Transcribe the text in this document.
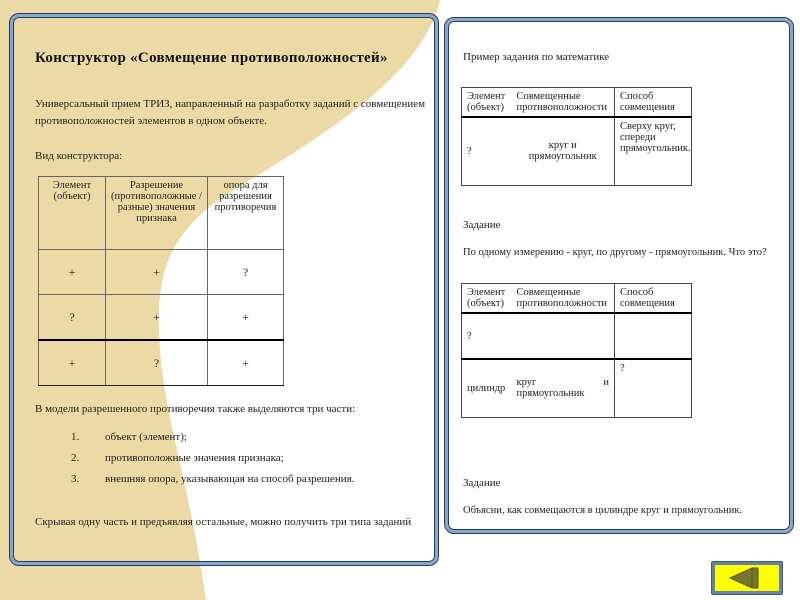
Конструктор «Совмещение противоположностей»
Универсальный прием ТРИЗ, направленный на разработку заданий с совмещением противоположностей элементов в одном объекте.
Вид конструктора:
Элемент (объект)	Разрешение (противоположные / разные) значения признака	опора для разрешения противоречия
+	+	?
?	+	+
+	?	+
В модели разрешенного противоречия также выделяются три части:
1.	объект (элемент);
2.	противоположные значения признака;
3.	внешняя опора, указывающая на способ разрешения.
Скрывая одну часть и предъявляя остальные, можно получить три типа заданий
Пример задания по математике
Элемент (объект)	Совмещенные противоположности	Способ совмещения
?	круг и прямоугольник	Сверху круг, спереди прямоугольник.
Задание
По одному измерению - круг, по другому - прямоугольник. Что это?
Элемент (объект)	Совмещенные противоположности	Способ совмещения
?		
цилиндр	круг и прямоугольник	?
Задание
Объясни, как совмещаются в цилиндре круг и прямоугольник.
